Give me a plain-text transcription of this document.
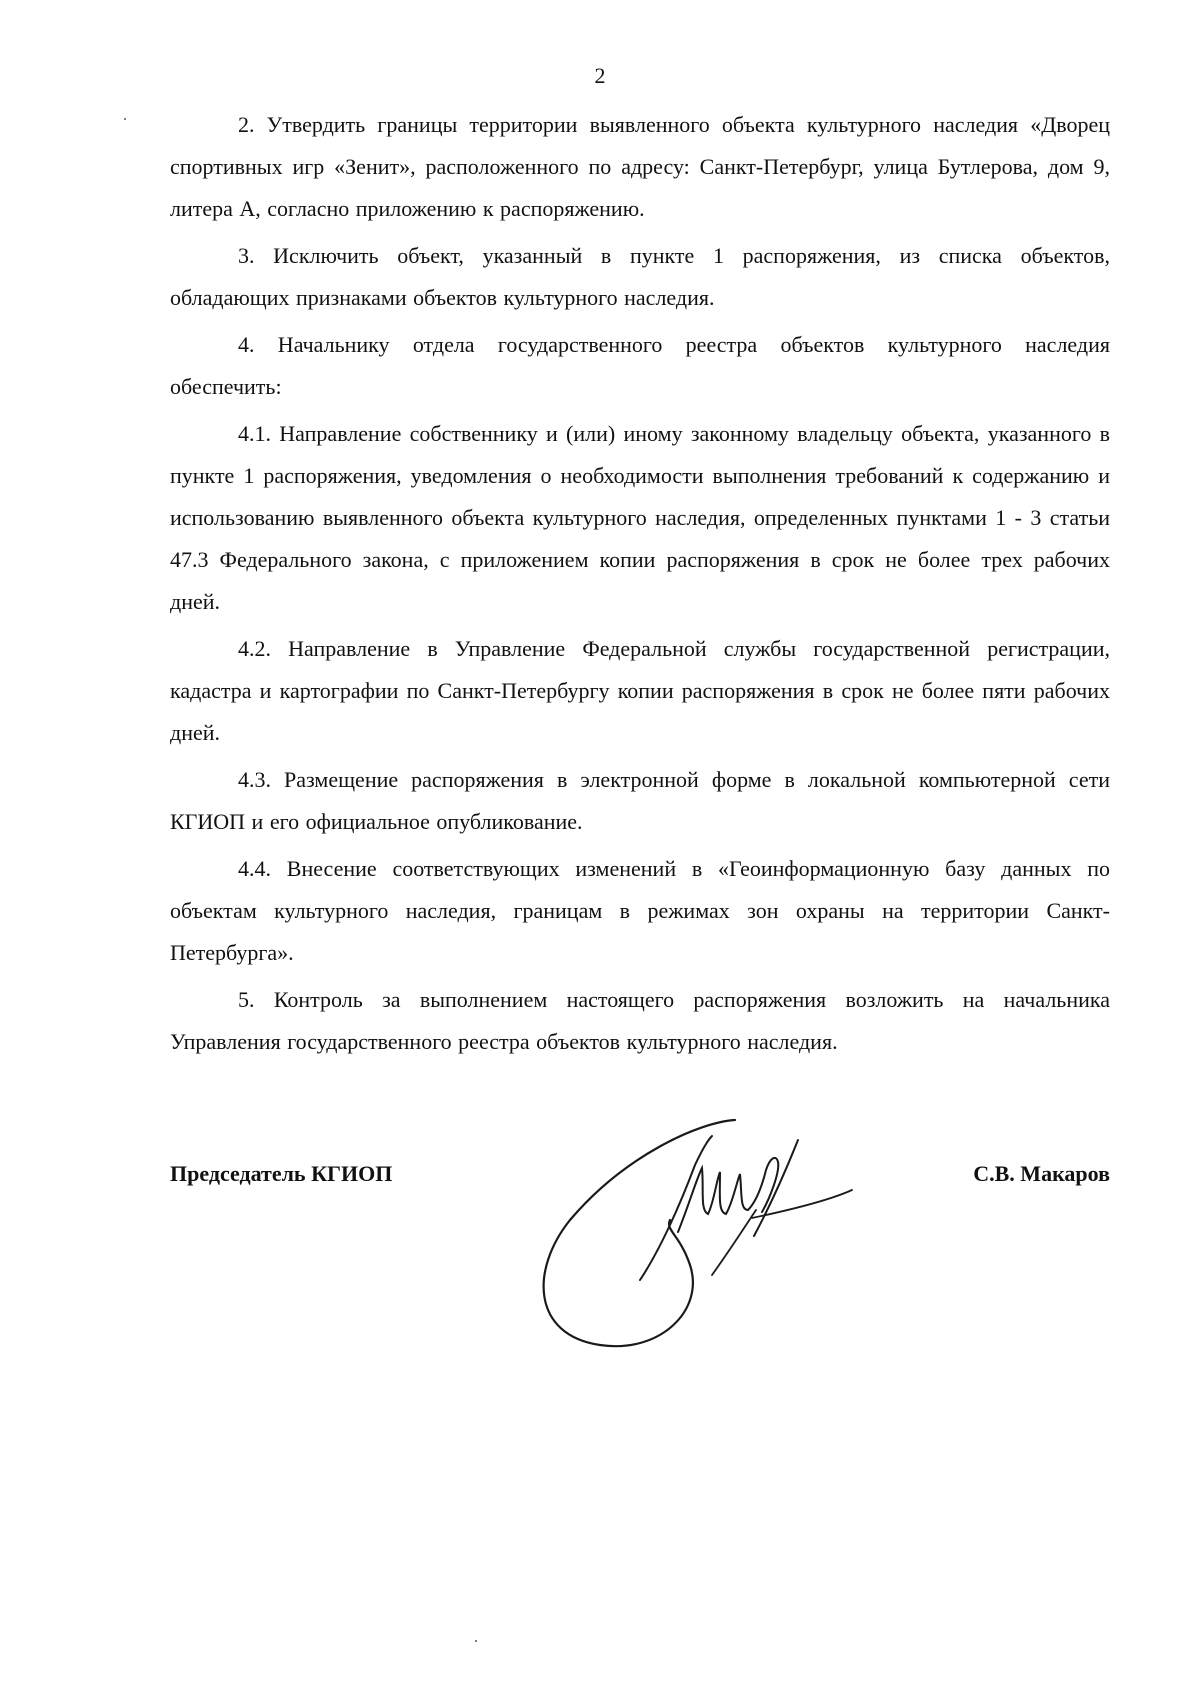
2

2. Утвердить границы территории выявленного объекта культурного наследия «Дворец спортивных игр «Зенит», расположенного по адресу: Санкт-Петербург, улица Бутлерова, дом 9, литера А, согласно приложению к распоряжению.

3. Исключить объект, указанный в пункте 1 распоряжения, из списка объектов, обладающих признаками объектов культурного наследия.

4. Начальнику отдела государственного реестра объектов культурного наследия обеспечить:

4.1. Направление собственнику и (или) иному законному владельцу объекта, указанного в пункте 1 распоряжения, уведомления о необходимости выполнения требований к содержанию и использованию выявленного объекта культурного наследия, определенных пунктами 1 - 3 статьи 47.3 Федерального закона, с приложением копии распоряжения в срок не более трех рабочих дней.

4.2. Направление в Управление Федеральной службы государственной регистрации, кадастра и картографии по Санкт-Петербургу копии распоряжения в срок не более пяти рабочих дней.

4.3. Размещение распоряжения в электронной форме в локальной компьютерной сети КГИОП и его официальное опубликование.

4.4. Внесение соответствующих изменений в «Геоинформационную базу данных по объектам культурного наследия, границам в режимах зон охраны на территории Санкт-Петербурга».

5. Контроль за выполнением настоящего распоряжения возложить на начальника Управления государственного реестра объектов культурного наследия.

Председатель КГИОП	С.В. Макаров
